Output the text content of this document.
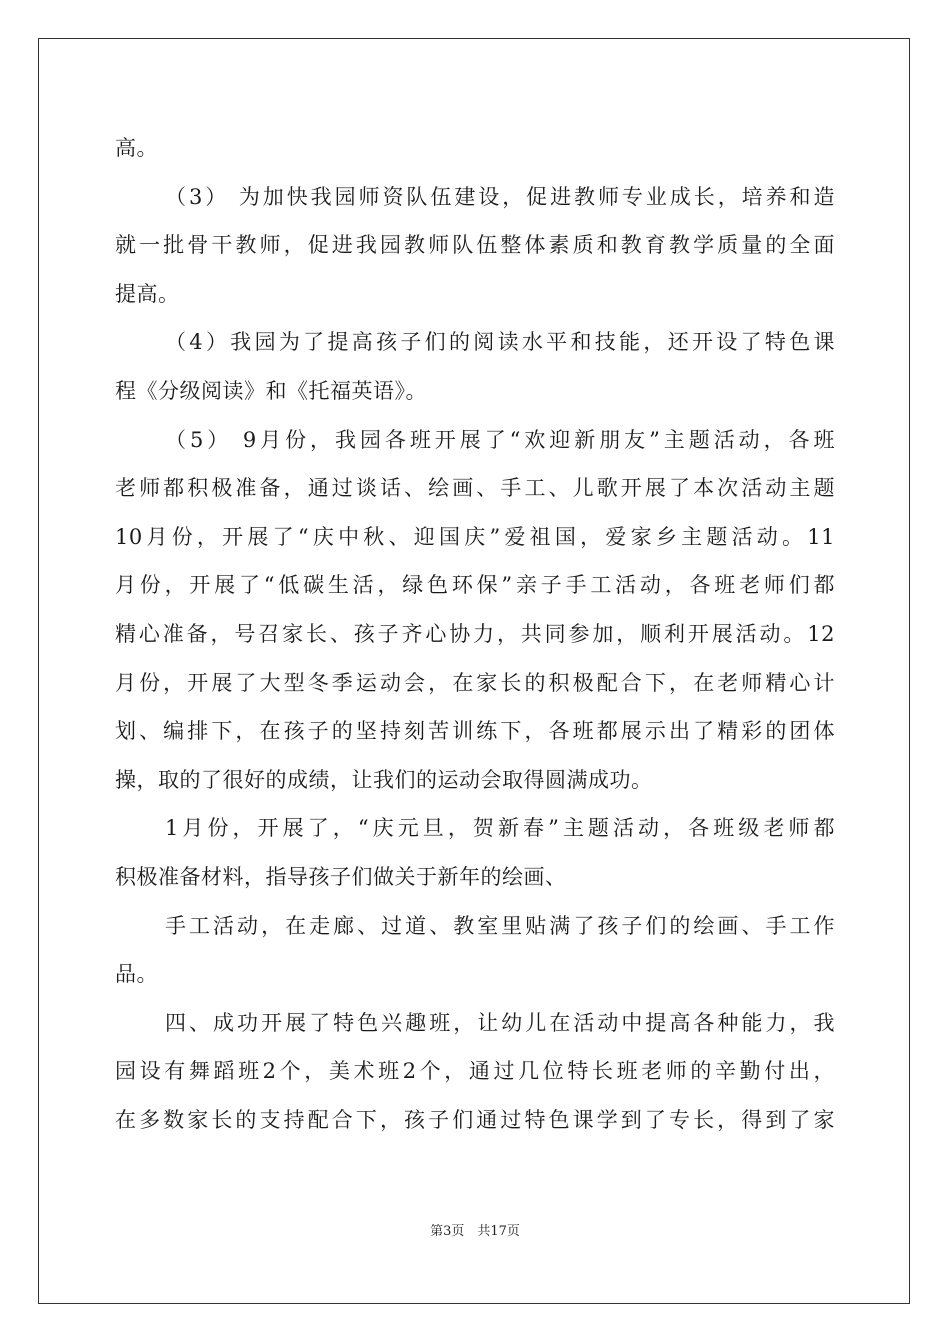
高。
（3） 为加快我园师资队伍建设，促进教师专业成长，培养和造
就一批骨干教师，促进我园教师队伍整体素质和教育教学质量的全面
提高。
（4）我园为了提高孩子们的阅读水平和技能，还开设了特色课
程《分级阅读》和《托福英语》。
（5） 9月份，我园各班开展了“欢迎新朋友”主题活动，各班
老师都积极准备，通过谈话、绘画、手工、儿歌开展了本次活动主题
10月份，开展了“庆中秋、迎国庆”爱祖国，爱家乡主题活动。11
月份，开展了“低碳生活，绿色环保”亲子手工活动，各班老师们都
精心准备，号召家长、孩子齐心协力，共同参加，顺利开展活动。12
月份，开展了大型冬季运动会，在家长的积极配合下，在老师精心计
划、编排下，在孩子的坚持刻苦训练下，各班都展示出了精彩的团体
操，取的了很好的成绩，让我们的运动会取得圆满成功。
1月份，开展了，“庆元旦，贺新春”主题活动，各班级老师都
积极准备材料，指导孩子们做关于新年的绘画、
手工活动，在走廊、过道、教室里贴满了孩子们的绘画、手工作
品。
四、成功开展了特色兴趣班，让幼儿在活动中提高各种能力，我
园设有舞蹈班2个，美术班2个，通过几位特长班老师的辛勤付出，
在多数家长的支持配合下，孩子们通过特色课学到了专长，得到了家
第3页　共17页
